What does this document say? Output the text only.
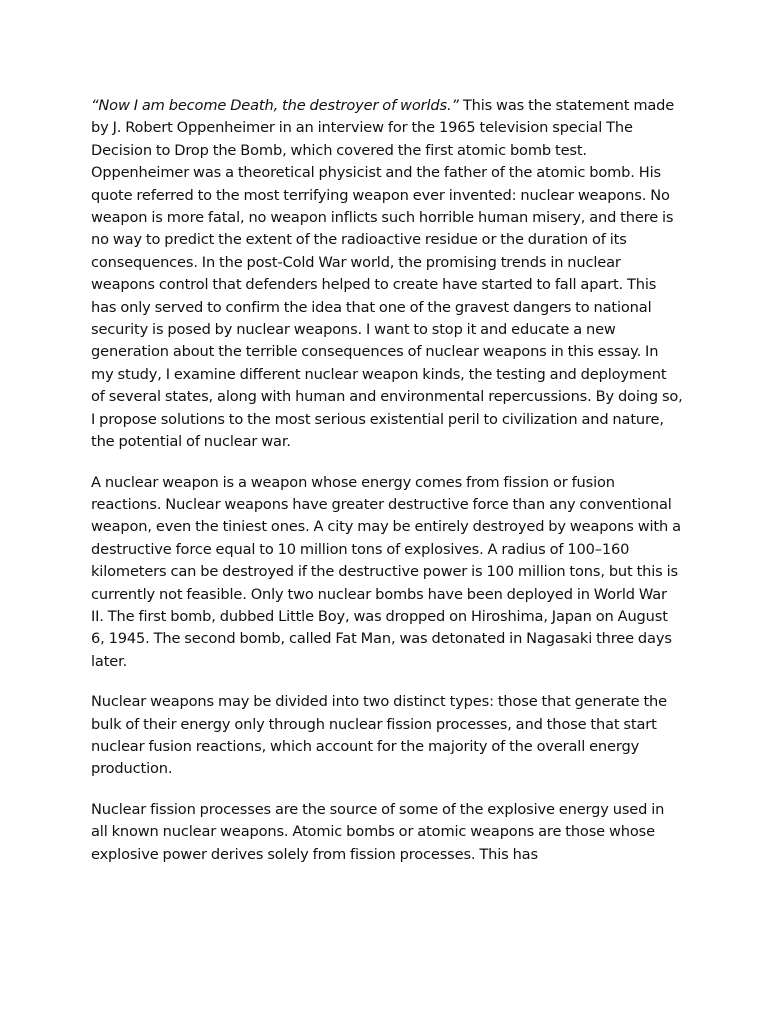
“Now I am become Death, the destroyer of worlds.” This was the statement made by J. Robert Oppenheimer in an interview for the 1965 television special The Decision to Drop the Bomb, which covered the first atomic bomb test. Oppenheimer was a theoretical physicist and the father of the atomic bomb. His quote referred to the most terrifying weapon ever invented: nuclear weapons. No weapon is more fatal, no weapon inflicts such horrible human misery, and there is no way to predict the extent of the radioactive residue or the duration of its consequences. In the post-Cold War world, the promising trends in nuclear weapons control that defenders helped to create have started to fall apart. This has only served to confirm the idea that one of the gravest dangers to national security is posed by nuclear weapons. I want to stop it and educate a new generation about the terrible consequences of nuclear weapons in this essay. In my study, I examine different nuclear weapon kinds, the testing and deployment of several states, along with human and environmental repercussions. By doing so, I propose solutions to the most serious existential peril to civilization and nature, the potential of nuclear war.

A nuclear weapon is a weapon whose energy comes from fission or fusion reactions. Nuclear weapons have greater destructive force than any conventional weapon, even the tiniest ones. A city may be entirely destroyed by weapons with a destructive force equal to 10 million tons of explosives. A radius of 100–160 kilometers can be destroyed if the destructive power is 100 million tons, but this is currently not feasible. Only two nuclear bombs have been deployed in World War II. The first bomb, dubbed Little Boy, was dropped on Hiroshima, Japan on August 6, 1945. The second bomb, called Fat Man, was detonated in Nagasaki three days later.

Nuclear weapons may be divided into two distinct types: those that generate the bulk of their energy only through nuclear fission processes, and those that start nuclear fusion reactions, which account for the majority of the overall energy production.

Nuclear fission processes are the source of some of the explosive energy used in all known nuclear weapons. Atomic bombs or atomic weapons are those whose explosive power derives solely from fission processes. This has
